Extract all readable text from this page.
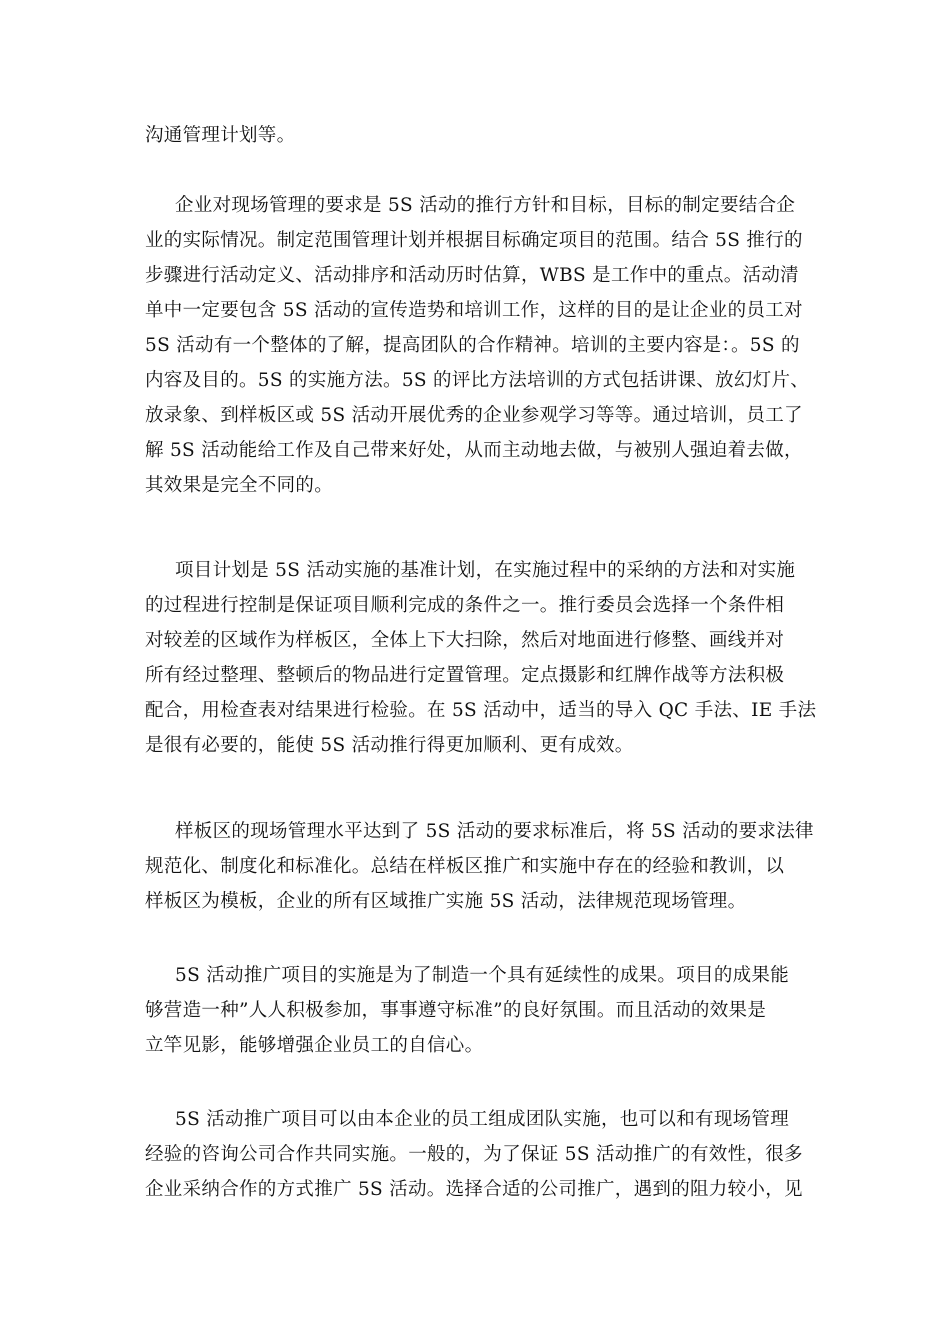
沟通管理计划等。
企业对现场管理的要求是 5S 活动的推行方针和目标，目标的制定要结合企
业的实际情况。制定范围管理计划并根据目标确定项目的范围。结合 5S 推行的
步骤进行活动定义、活动排序和活动历时估算，WBS 是工作中的重点。活动清
单中一定要包含 5S 活动的宣传造势和培训工作，这样的目的是让企业的员工对
5S 活动有一个整体的了解，提高团队的合作精神。培训的主要内容是：。5S 的
内容及目的。5S 的实施方法。5S 的评比方法培训的方式包括讲课、放幻灯片、
放录象、到样板区或 5S 活动开展优秀的企业参观学习等等。通过培训，员工了
解 5S 活动能给工作及自己带来好处，从而主动地去做，与被别人强迫着去做，
其效果是完全不同的。
项目计划是 5S 活动实施的基准计划，在实施过程中的采纳的方法和对实施
的过程进行控制是保证项目顺利完成的条件之一。推行委员会选择一个条件相
对较差的区域作为样板区，全体上下大扫除，然后对地面进行修整、画线并对
所有经过整理、整顿后的物品进行定置管理。定点摄影和红牌作战等方法积极
配合，用检查表对结果进行检验。在 5S 活动中，适当的导入 QC 手法、IE 手法
是很有必要的，能使 5S 活动推行得更加顺利、更有成效。
样板区的现场管理水平达到了 5S 活动的要求标准后，将 5S 活动的要求法律
规范化、制度化和标准化。总结在样板区推广和实施中存在的经验和教训，以
样板区为模板，企业的所有区域推广实施 5S 活动，法律规范现场管理。
5S 活动推广项目的实施是为了制造一个具有延续性的成果。项目的成果能
够营造一种”人人积极参加，事事遵守标准”的良好氛围。而且活动的效果是
立竿见影，能够增强企业员工的自信心。
5S 活动推广项目可以由本企业的员工组成团队实施，也可以和有现场管理
经验的咨询公司合作共同实施。一般的，为了保证 5S 活动推广的有效性，很多
企业采纳合作的方式推广 5S 活动。选择合适的公司推广，遇到的阻力较小，见
